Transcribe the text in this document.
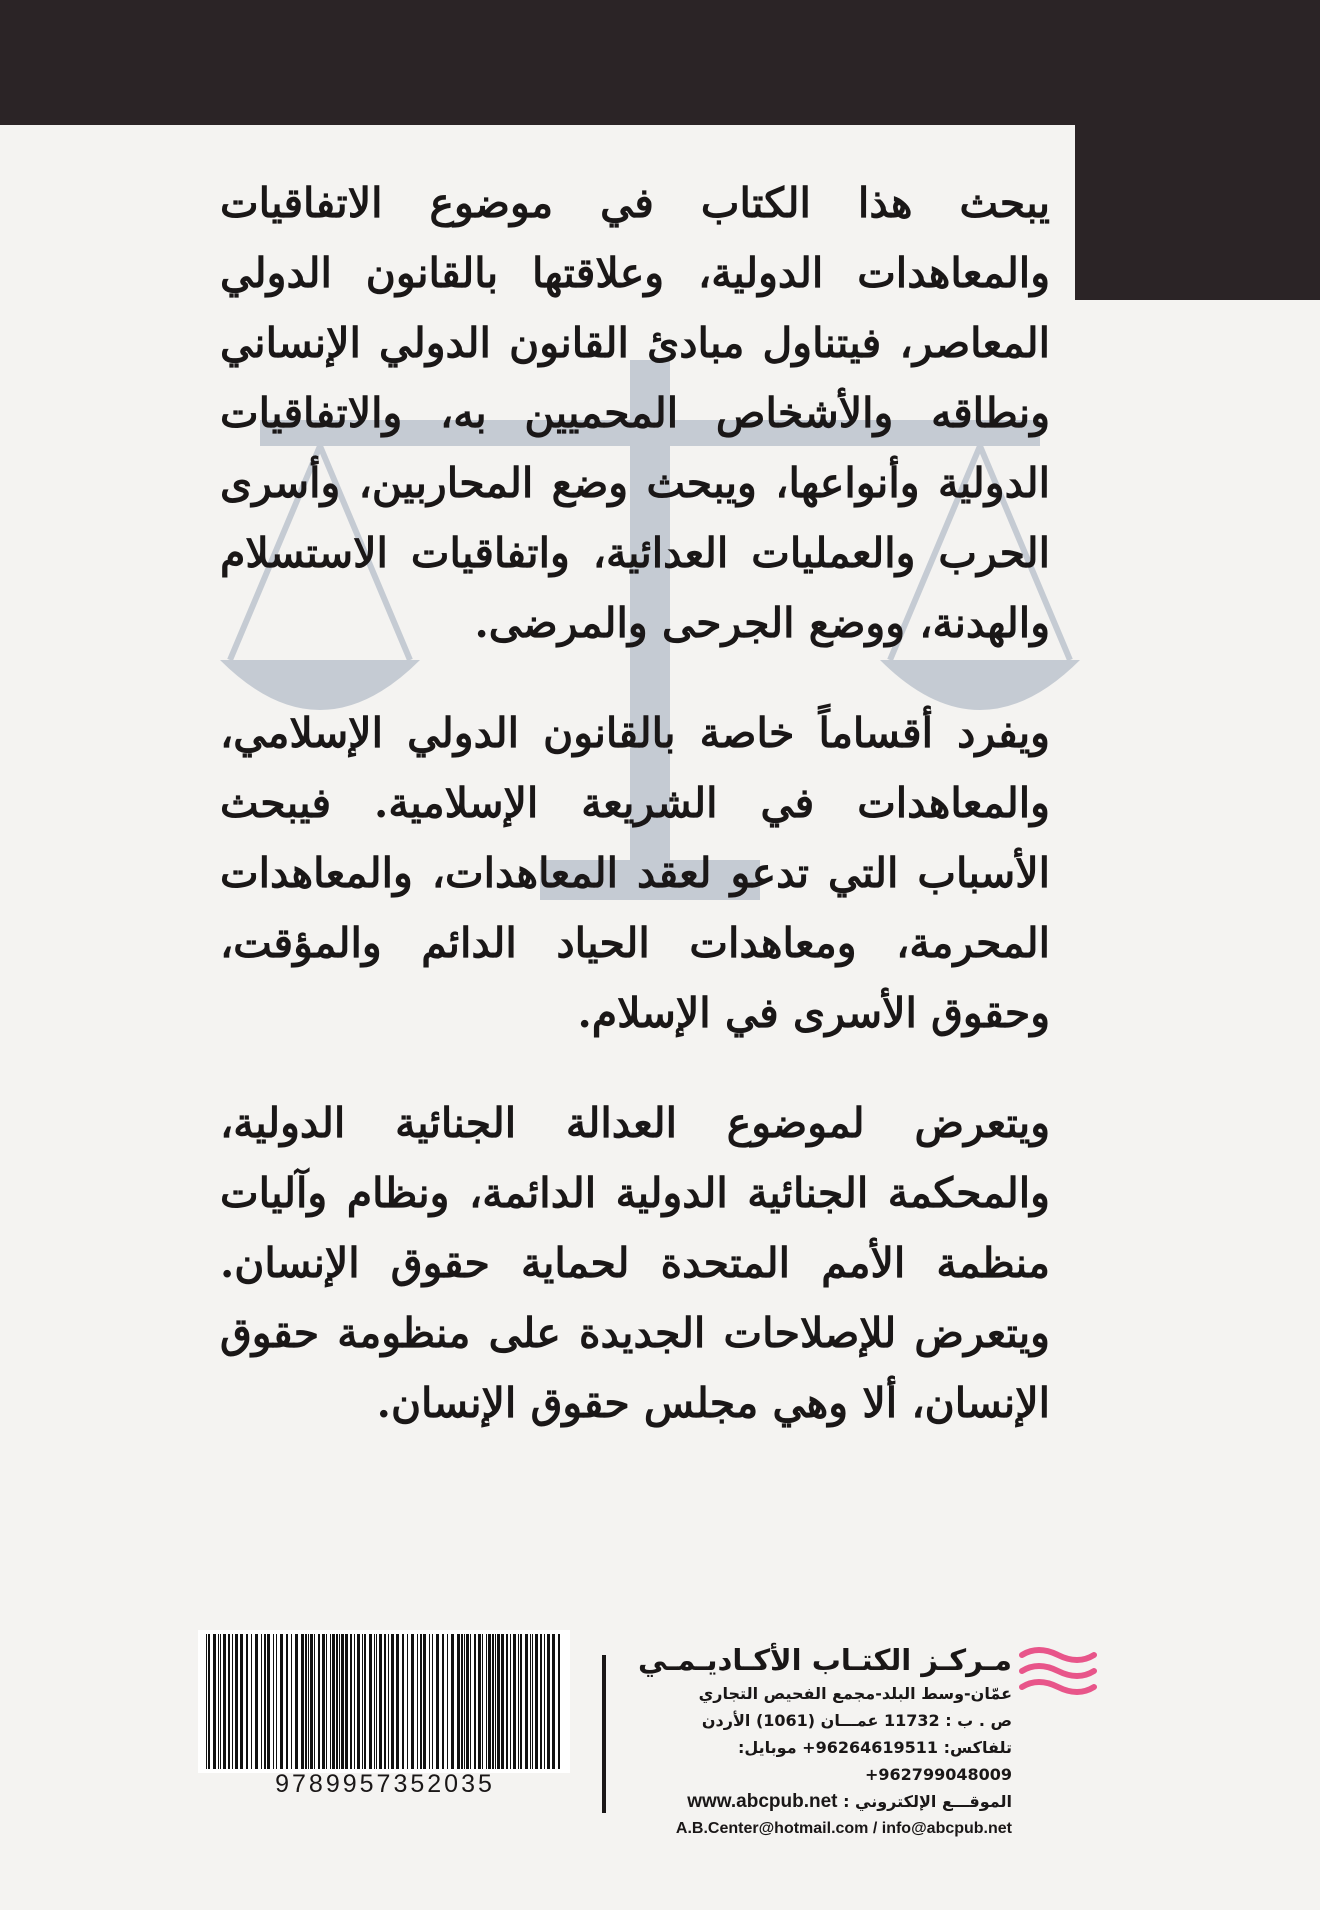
يبحث هذا الكتاب في موضوع الاتفاقيات والمعاهدات الدولية، وعلاقتها بالقانون الدولي المعاصر، فيتناول مبادئ القانون الدولي الإنساني ونطاقه والأشخاص المحميين به، والاتفاقيات الدولية وأنواعها، ويبحث وضع المحاربين، وأسرى الحرب والعمليات العدائية، واتفاقيات الاستسلام والهدنة، ووضع الجرحى والمرضى.

ويفرد أقساماً خاصة بالقانون الدولي الإسلامي، والمعاهدات في الشريعة الإسلامية. فيبحث الأسباب التي تدعو لعقد المعاهدات، والمعاهدات المحرمة، ومعاهدات الحياد الدائم والمؤقت، وحقوق الأسرى في الإسلام.

ويتعرض لموضوع العدالة الجنائية الدولية، والمحكمة الجنائية الدولية الدائمة، ونظام وآليات منظمة الأمم المتحدة لحماية حقوق الإنسان. ويتعرض للإصلاحات الجديدة على منظومة حقوق الإنسان، ألا وهي مجلس حقوق الإنسان.

9789957352035
مـركـز الكتـاب الأكـاديـمـي
عمّان-وسط البلد-مجمع الفحيص التجاري
ص . ب : 11732 عمـــان (1061) الأردن
تلفاكس: 96264619511+ موبايل: 962799048009+
الموقـــع الإلكتروني : www.abcpub.net
A.B.Center@hotmail.com / info@abcpub.net
